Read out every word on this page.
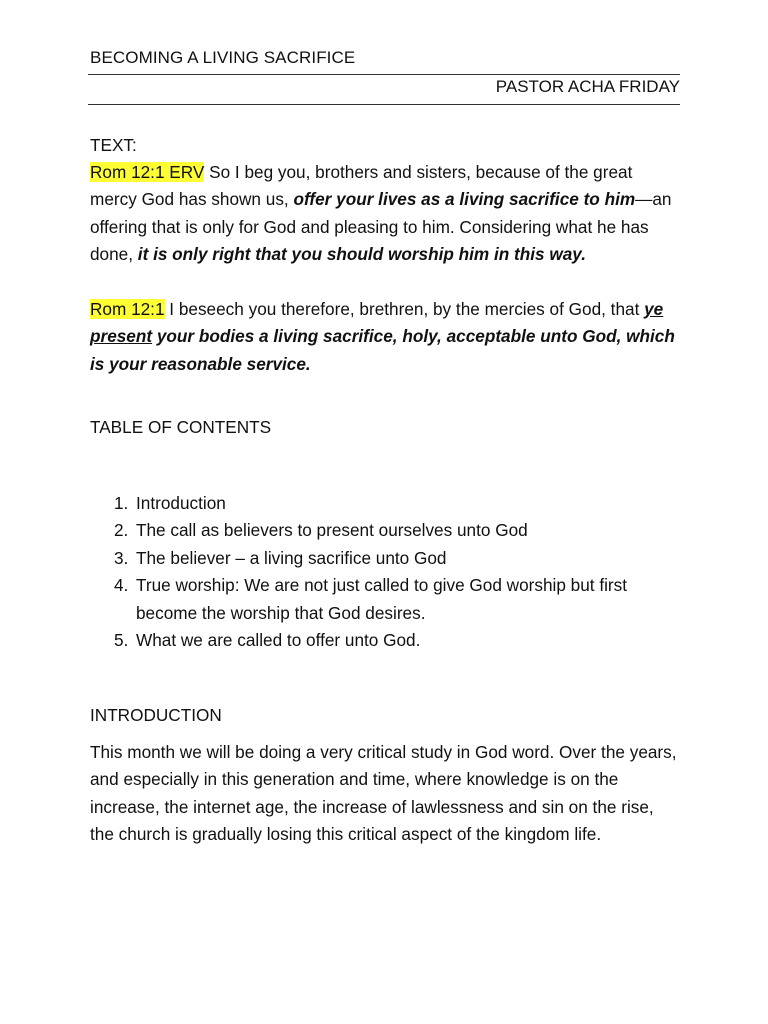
BECOMING A LIVING SACRIFICE
PASTOR ACHA FRIDAY
TEXT:
Rom 12:1 ERV So I beg you, brothers and sisters, because of the great mercy God has shown us, offer your lives as a living sacrifice to him—an offering that is only for God and pleasing to him. Considering what he has done, it is only right that you should worship him in this way.
Rom 12:1 I beseech you therefore, brethren, by the mercies of God, that ye present your bodies a living sacrifice, holy, acceptable unto God, which is your reasonable service.
TABLE OF CONTENTS
1. Introduction
2. The call as believers to present ourselves unto God
3. The believer – a living sacrifice unto God
4. True worship: We are not just called to give God worship but first become the worship that God desires.
5. What we are called to offer unto God.
INTRODUCTION
This month we will be doing a very critical study in God word. Over the years, and especially in this generation and time, where knowledge is on the increase, the internet age, the increase of lawlessness and sin on the rise, the church is gradually losing this critical aspect of the kingdom life.
